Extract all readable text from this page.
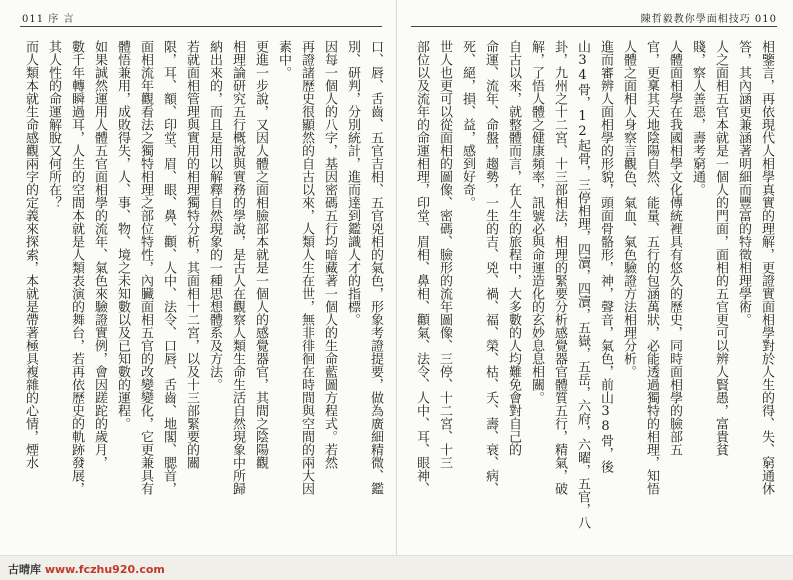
011 序 言
而人類本就生命感觀兩字的定義來探索，本就是帶著極具複雜的心情，煙水 其人性的命運解脫又何所在？ 數千年轉瞬過耳，人生的空間本就是人類表演的舞台，若再依歷史的軌跡發展， 如果誠然運用人體五官面相學的流年、氣色來驗證實例，會因蹉跎的歲月， 體悟兼用，成敗得失，人、事、物、境之未知數以及已知數的運程。 面相流年觀看法之獨特相理之部位特性，內臟面相五官的改變變化，它更兼具有 限，耳、額、印堂、眉、眼、鼻、顴、人中、法令、口唇、舌齒、地閣、腮首， 若就面相管理與實用的相理獨特分析，其面相十二宮，以及十三部緊要的關 納出來的，而且是用以解釋自然現象的一種思想體系及方法。 相理論研究五行概說與實務的學說，是古人在觀察人類生命生活自然現象中所歸 更進一步說，又因人體之面相臉部本就是一個人的感覺器官，其間之陰陽觀 素中。 再證諸歷史很顯然的自古以來，人類人生在世，無非徘徊在時間與空間的兩大因 因每一個人的八字，基因密碼五行均暗藏著一個人的生命藍圖方程式。若然 別、研判，分別統計，進而達到鑑識人才的指標。 口、唇、舌齒、五官吉相、五官兇相的氣色，形象考證提要，做為廣細精微、鑑
陳哲毅教你學面相技巧 010
部位以及流年的命運相理，印堂、眉相、鼻相、顴氣、法令、人中、耳、眼神、 世人也更可以從面相的圖像、密碼、臉形的流年圖像、三停、十二宮、十三 死、絕，損、益，感到好奇。 命運、流年、命盤，趨勢，一生的吉、兇、禍、福、榮、枯、夭、壽、衰、病、 自古以來，就整體而言，在人生的旅程中，大多數的人均難免會對自己的 解，了悟人體之健康頻率，訊號必與命運造化的玄妙息息相關。 卦，九州之十二宮、十三部相法，相理的緊要分析感覺器官體質五行，精氣，破 山34骨，12起骨，三停相理，四瀆，四瀆，五嶽，五岳，六府，六曜，五官，八 進而審辨人面相學的形貌，頭面骨骼形，神，聲音，氣色，前山38骨，後 人體之面相人身察言觀色、氣血、氣色驗證方法相理分析。 官，更稟其天地陰陽自然、能量、五行的包涵萬狀，必能透過獨特的相理，知悟 人體面相學在我國相學文化傳統裡具有悠久的歷史，同時面相學的臉部五 賤，察人善惡，壽考窮通。 人之面相五官本就是一個人的門面，面相的五官更可以辨人賢愚，富貴貧 答，其內涵更兼涵著明細而豐富的特徵相理學術。 相鑒言，再依現代人相學真實的理解，更證實面相學對於人生的得、失、窮通休
古晴库 www.fczhu920.com
